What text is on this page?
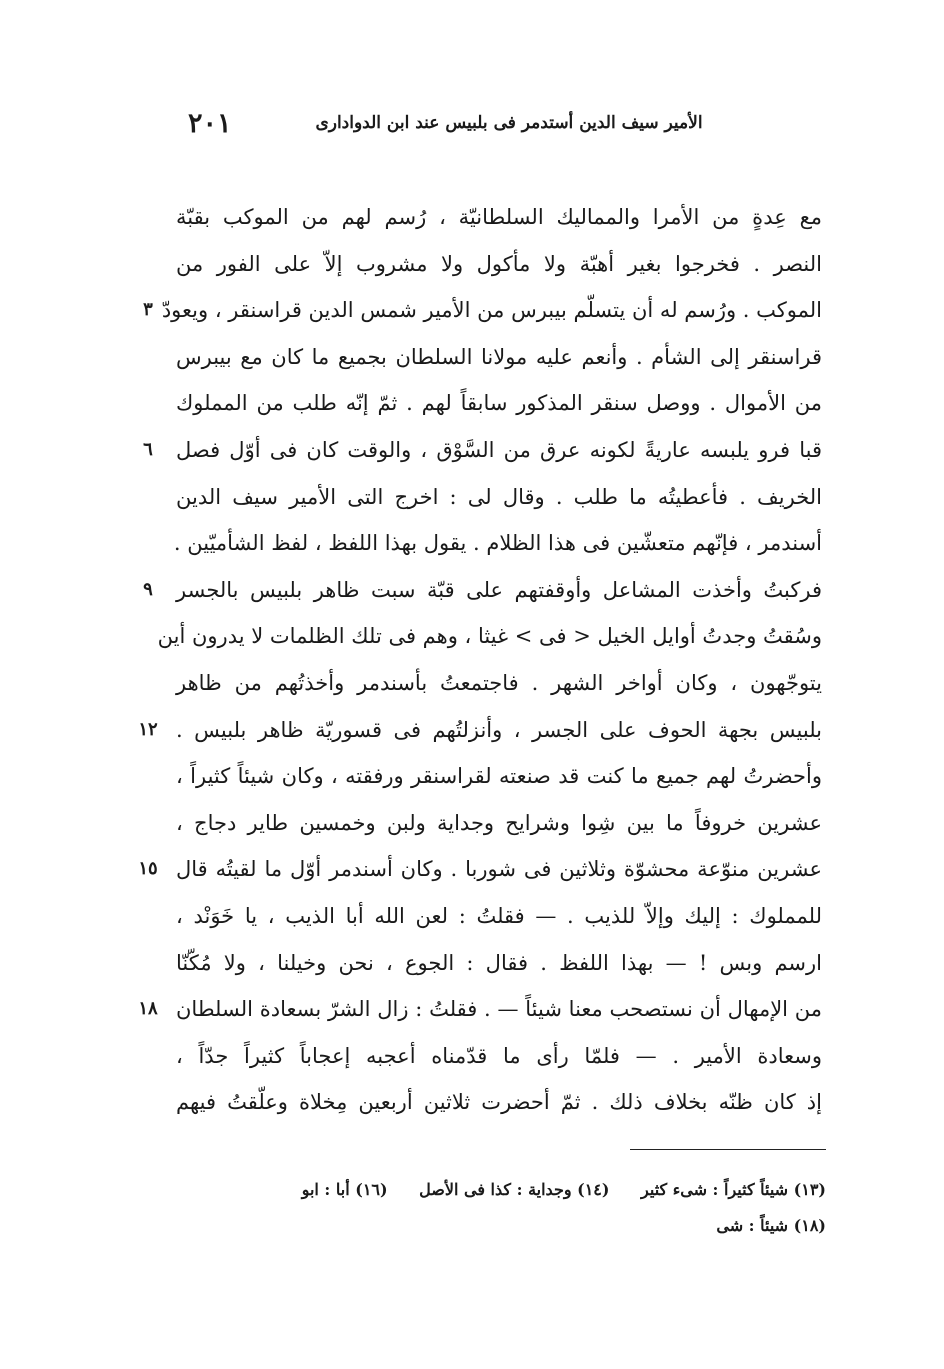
٢٠١	الأمير سيف الدين أستدمر فى بلبيس عند ابن الدوادارى
مع عِدةٍ من الأمرا والمماليك السلطانيّة ، رُسم لهم من الموكب بقبّة
النصر . فخرجوا بغير أهبّة ولا مأكول ولا مشروب إلاّ على الفور من
الموكب . ورُسم له أن يتسلّم بيبرس من الأمير شمس الدين قراسنقر ، ويعودّ
قراسنقر إلى الشأم . وأنعم عليه مولانا السلطان بجميع ما كان مع بيبرس
من الأموال . ووصل سنقر المذكور سابقاً لهم . ثمّ إنّه طلب من المملوك
قبا فرو يلبسه عاريةً لكونه عرق من السَّوْق ، والوقت كان فى أوّل فصل
الخريف . فأعطيتُه ما طلب . وقال لى : اخرج التى الأمير سيف الدين
أسندمر ، فإنّهم متعشّين فى هذا الظلام . يقول بهذا اللفظ ، لفظ الشأميّين .
فركبتُ وأخذت المشاعل وأوقفتهم على قبّة سبت ظاهر بلبيس بالجسر
وسُقتُ وجدتُ أوايل الخيل < فى > غيثا ، وهم فى تلك الظلمات لا يدرون أين
يتوجّهون ، وكان أواخر الشهر . فاجتمعتُ بأسندمر وأخذتُهم من ظاهر
بلبيس بجهة الحوف على الجسر ، وأنزلتُهم فى قسوريّة ظاهر بلبيس .
وأحضرتُ لهم جميع ما كنت قد صنعته لقراسنقر ورفقته ، وكان شيئاً كثيراً ،
عشرين خروفاً ما بين شِوا وشرايح وجداية ولبن وخمسين طاير دجاج ،
عشرين منوّعة محشوّة وثلاثين فى شوربا . وكان أسندمر أوّل ما لقيتُه قال
للمملوك : إليك وإلاّ للذيب . — فقلتُ : لعن الله أبا الذيب ، يا خَوَنْد ،
ارسم وبس ! — بهذا اللفظ . فقال : الجوع ، نحن وخيلنا ، ولا مُكّنّا
من الإمهال أن نستصحب معنا شيئاً — . فقلتُ : زال الشرّ بسعادة السلطان
وسعادة الأمير . — فلمّا رأى ما قدّمناه أعجبه إعجاباً كثيراً جدّاً ،
إذ كان ظنّه بخلاف ذلك . ثمّ أحضرت ثلاثين أربعين مِخلاة وعلّقتُ فيهم
٣
٦
٩
١٢
١٥
١٨
(١٣) شيئاً كثيراً : شىء كثير (١٤) وجداية : كذا فى الأصل (١٦) أبا : ابو
(١٨) شيئاً : شى
